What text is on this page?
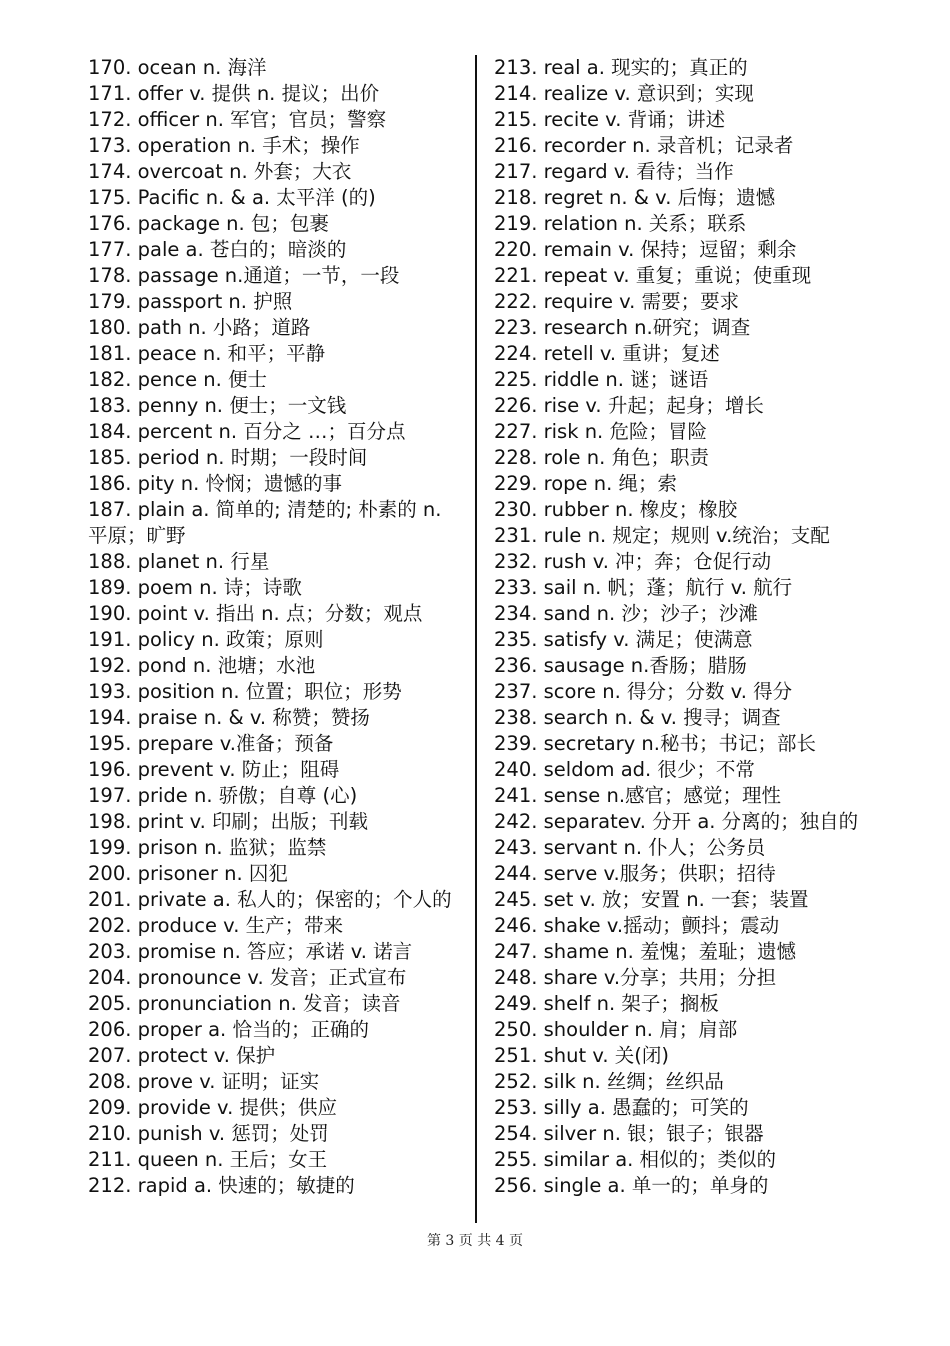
170. ocean n. 海洋

171. offer v. 提供 n. 提议；出价

172. officer n. 军官；官员；警察

173. operation n. 手术；操作

174. overcoat n. 外套；大衣

175. Pacific n. & a. 太平洋 (的)

176. package n. 包；包裹

177. pale a. 苍白的；暗淡的

178. passage n.通道；一节，一段

179. passport n. 护照

180. path n. 小路；道路

181. peace n. 和平；平静

182. pence n. 便士

183. penny n. 便士；一文钱

184. percent n. 百分之 …；百分点

185. period n. 时期；一段时间

186. pity n. 怜悯；遗憾的事

187. plain a. 简单的; 清楚的; 朴素的 n. 平原；旷野

188. planet n. 行星

189. poem n. 诗；诗歌

190. point v. 指出 n. 点；分数；观点

191. policy n. 政策；原则

192. pond n. 池塘；水池

193. position n. 位置；职位；形势

194. praise n. & v. 称赞；赞扬

195. prepare v.准备；预备

196. prevent v. 防止；阻碍

197. pride n. 骄傲；自尊 (心)

198. print v. 印刷；出版；刊载

199. prison n. 监狱；监禁

200. prisoner n. 囚犯

201. private a. 私人的；保密的；个人的

202. produce v. 生产；带来

203. promise n. 答应；承诺 v. 诺言

204. pronounce v. 发音；正式宣布

205. pronunciation n. 发音；读音

206. proper a. 恰当的；正确的

207. protect v. 保护

208. prove v. 证明；证实

209. provide v. 提供；供应

210. punish v. 惩罚；处罚

211. queen n. 王后；女王

212. rapid a. 快速的；敏捷的

213. real a. 现实的；真正的

214. realize v. 意识到；实现

215. recite v. 背诵；讲述

216. recorder n. 录音机；记录者

217. regard v. 看待；当作

218. regret n. & v. 后悔；遗憾

219. relation n. 关系；联系

220. remain v. 保持；逗留；剩余

221. repeat v. 重复；重说；使重现

222. require v. 需要；要求

223. research n.研究；调查

224. retell v. 重讲；复述

225. riddle n. 谜；谜语

226. rise v. 升起；起身；增长

227. risk n. 危险；冒险

228. role n. 角色；职责

229. rope n. 绳；索

230. rubber n. 橡皮；橡胶

231. rule n. 规定；规则 v.统治；支配

232. rush v. 冲；奔；仓促行动

233. sail n. 帆；蓬；航行 v. 航行

234. sand n. 沙；沙子；沙滩

235. satisfy v. 满足；使满意

236. sausage n.香肠；腊肠

237. score n. 得分；分数 v. 得分

238. search n. & v. 搜寻；调查

239. secretary n.秘书；书记；部长

240. seldom ad. 很少；不常

241. sense n.感官；感觉；理性

242. separatev. 分开 a. 分离的；独自的

243. servant n. 仆人；公务员

244. serve v.服务；供职；招待

245. set v. 放；安置 n. 一套；装置

246. shake v.摇动；颤抖；震动

247. shame n. 羞愧；羞耻；遗憾

248. share v.分享；共用；分担

249. shelf n. 架子；搁板

250. shoulder n. 肩；肩部

251. shut v. 关(闭)

252. silk n. 丝绸；丝织品

253. silly a. 愚蠢的；可笑的

254. silver n. 银；银子；银器

255. similar a. 相似的；类似的

256. single a. 单一的；单身的

第 3 页 共 4 页
